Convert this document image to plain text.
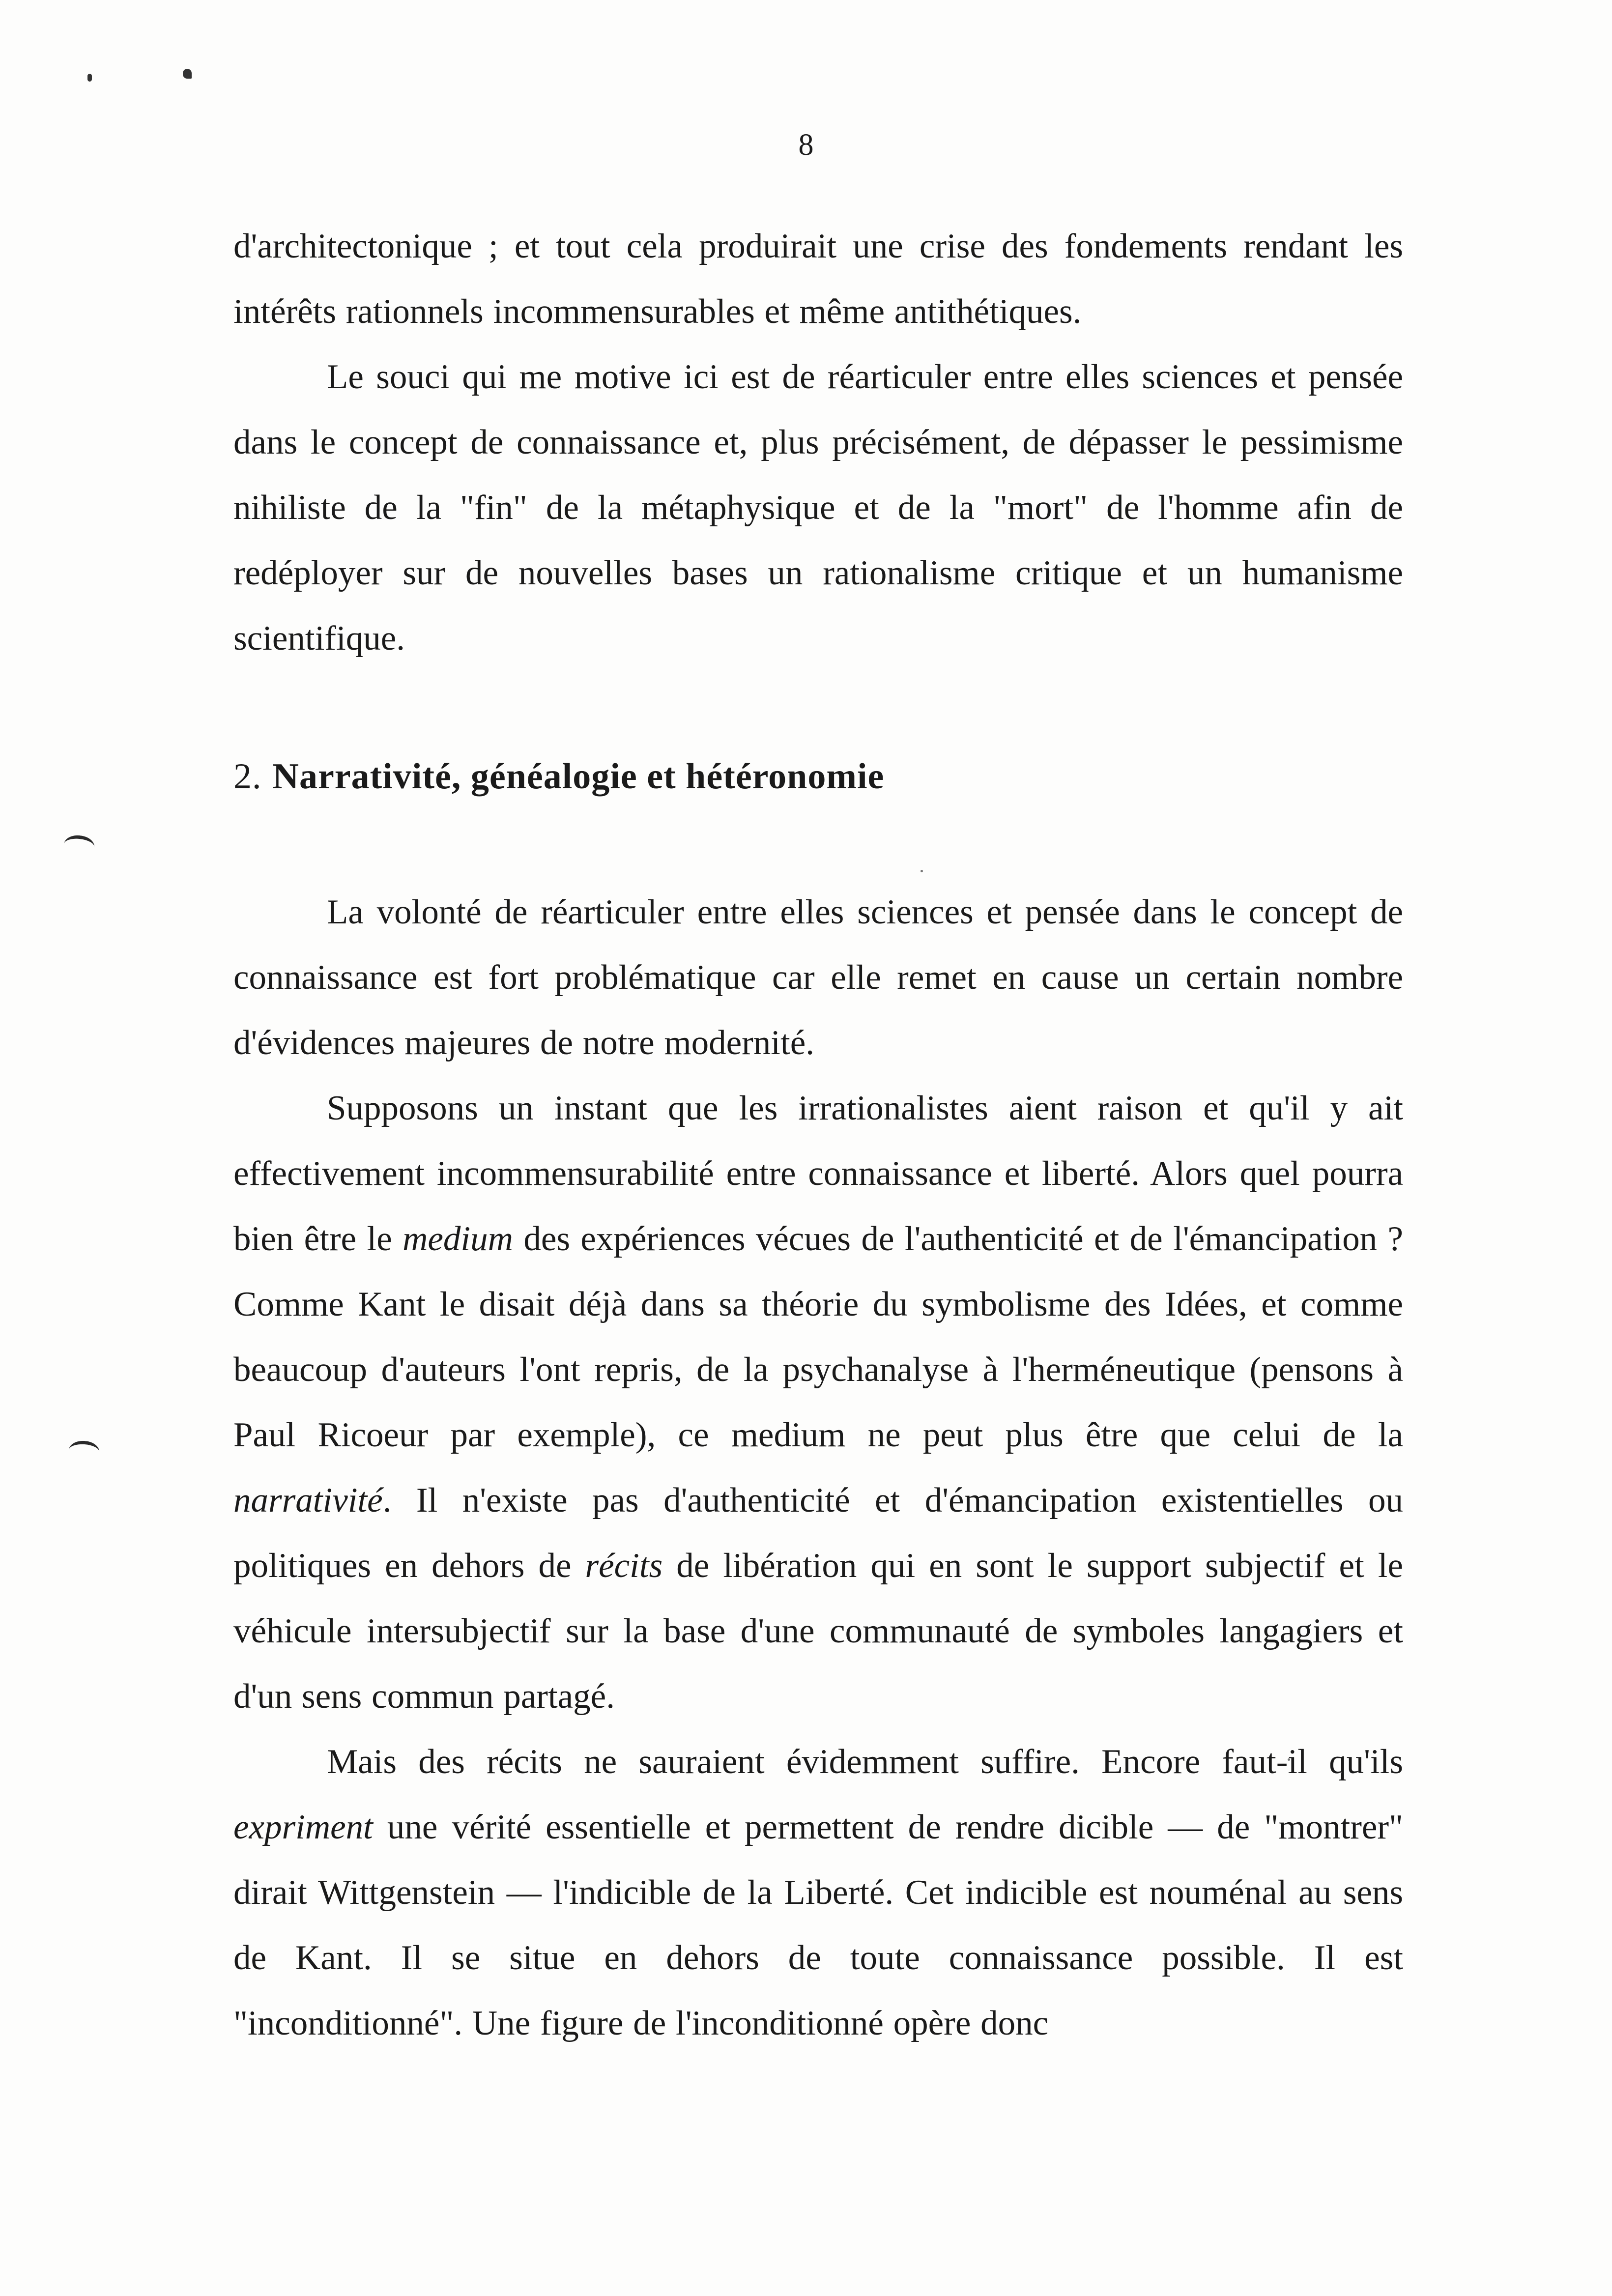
8

d'architectonique ; et tout cela produirait une crise des fondements rendant les intérêts rationnels incommensurables et même antithétiques.

Le souci qui me motive ici est de réarticuler entre elles sciences et pensée dans le concept de connaissance et, plus précisément, de dépasser le pessimisme nihiliste de la "fin" de la métaphysique et de la "mort" de l'homme afin de redéployer sur de nouvelles bases un rationalisme critique et un humanisme scientifique.

2. Narrativité, généalogie et hétéronomie

La volonté de réarticuler entre elles sciences et pensée dans le concept de connaissance est fort problématique car elle remet en cause un certain nombre d'évidences majeures de notre modernité.

Supposons un instant que les irrationalistes aient raison et qu'il y ait effectivement incommensurabilité entre connaissance et liberté. Alors quel pourra bien être le medium des expériences vécues de l'authenticité et de l'émancipation ? Comme Kant le disait déjà dans sa théorie du symbolisme des Idées, et comme beaucoup d'auteurs l'ont repris, de la psychanalyse à l'herméneutique (pensons à Paul Ricoeur par exemple), ce medium ne peut plus être que celui de la narrativité. Il n'existe pas d'authenticité et d'émancipation existentielles ou politiques en dehors de récits de libération qui en sont le support subjectif et le véhicule intersubjectif sur la base d'une communauté de symboles langagiers et d'un sens commun partagé.

Mais des récits ne sauraient évidemment suffire. Encore faut-il qu'ils expriment une vérité essentielle et permettent de rendre dicible — de "montrer" dirait Wittgenstein — l'indicible de la Liberté. Cet indicible est nouménal au sens de Kant. Il se situe en dehors de toute connaissance possible. Il est "inconditionné". Une figure de l'inconditionné opère donc
